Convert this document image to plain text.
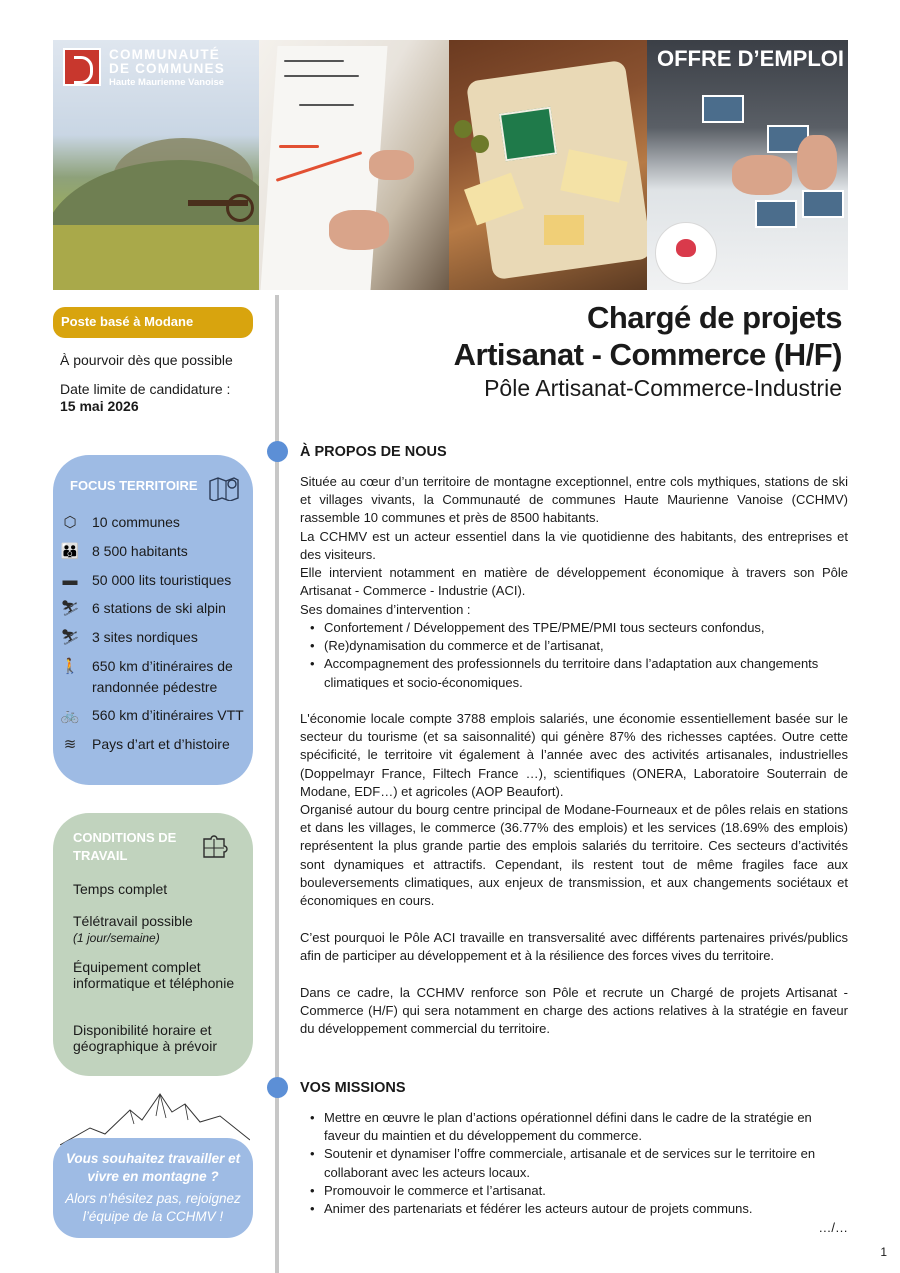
COMMUNAUTÉ
DE COMMUNES
Haute Maurienne Vanoise
OFFRE D’EMPLOI
Poste basé à Modane
À pourvoir dès que possible
Date limite de candidature :
15 mai 2026
FOCUS TERRITOIRE
⬡	10 communes
👪 8 500 habitants
▬ 50 000 lits touristiques
⛷ 6 stations de ski alpin
⛷ 3 sites nordiques
🚶 650 km d’itinéraires de randonnée pédestre
🚲 560 km d’itinéraires VTT
≋	Pays d’art et d’histoire
CONDITIONS DE TRAVAIL
Temps complet
Télétravail possible
(1 jour/semaine)
Équipement complet informatique et téléphonie
Disponibilité horaire et géographique à prévoir
Vous souhaitez travailler et vivre en montagne ?
Alors n’hésitez pas, rejoignez l’équipe de la CCHMV !
Chargé de projets
Artisanat - Commerce (H/F)
Pôle Artisanat-Commerce-Industrie
À PROPOS DE NOUS

Située au cœur d’un territoire de montagne exceptionnel, entre cols mythiques, stations de ski et villages vivants, la Communauté de communes Haute Maurienne Vanoise (CCHMV) rassemble 10 communes et près de 8500 habitants.

La CCHMV est un acteur essentiel dans la vie quotidienne des habitants, des entreprises et des visiteurs.

Elle intervient notamment en matière de développement économique à travers son Pôle Artisanat - Commerce - Industrie (ACI).

Ses domaines d’intervention :

• Confortement / Développement des TPE/PME/PMI tous secteurs confondus,
• (Re)dynamisation du commerce et de l’artisanat,
• Accompagnement des professionnels du territoire dans l’adaptation aux changements climatiques et socio-économiques.

L'économie locale compte 3788 emplois salariés, une économie essentiellement basée sur le secteur du tourisme (et sa saisonnalité) qui génère 87% des richesses captées. Outre cette spécificité, le territoire vit également à l’année avec des activités artisanales, industrielles (Doppelmayr France, Filtech France …), scientifiques (ONERA, Laboratoire Souterrain de Modane, EDF…) et agricoles (AOP Beaufort).

Organisé autour du bourg centre principal de Modane-Fourneaux et de pôles relais en stations et dans les villages, le commerce (36.77% des emplois) et les services (18.69% des emplois) représentent la plus grande partie des emplois salariés du territoire. Ces secteurs d’activités sont dynamiques et attractifs. Cependant, ils restent tout de même fragiles face aux bouleversements climatiques, aux enjeux de transmission, et aux changements sociétaux et économiques en cours.

C’est pourquoi le Pôle ACI travaille en transversalité avec différents partenaires privés/publics afin de participer au développement et à la résilience des forces vives du territoire.

Dans ce cadre, la CCHMV renforce son Pôle et recrute un Chargé de projets Artisanat - Commerce (H/F) qui sera notamment en charge des actions relatives à la stratégie en faveur du développement commercial du territoire.

VOS MISSIONS
• Mettre en œuvre le plan d’actions opérationnel défini dans le cadre de la stratégie en faveur du maintien et du développement du commerce.
• Soutenir et dynamiser l’offre commerciale, artisanale et de services sur le territoire en collaborant avec les acteurs locaux.
• Promouvoir le commerce et l’artisanat.
• Animer des partenariats et fédérer les acteurs autour de projets communs.
…/…
1
